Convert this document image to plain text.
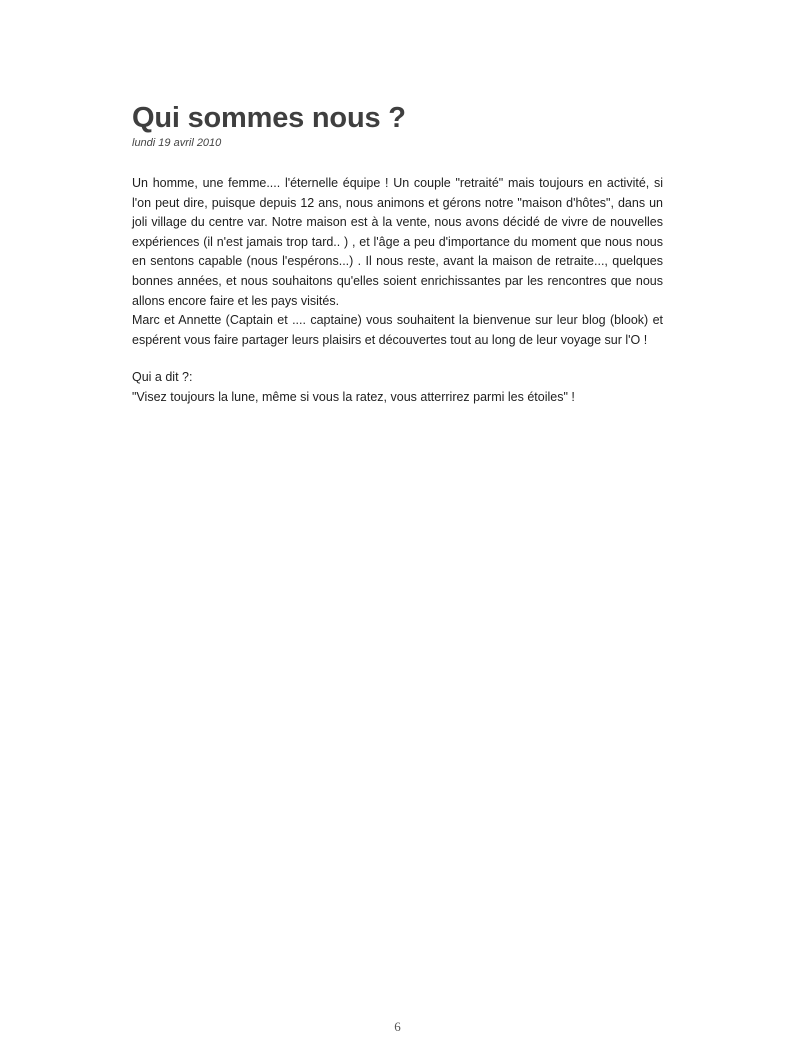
Qui sommes nous ?

lundi 19 avril 2010

Un homme, une femme.... l'éternelle équipe ! Un couple "retraité" mais toujours en activité, si l'on peut dire, puisque depuis 12 ans, nous animons et gérons notre "maison d'hôtes", dans un joli village du centre var. Notre maison est à la vente, nous avons décidé de vivre de nouvelles expériences (il n'est jamais trop tard.. ) , et l'âge a peu d'importance du moment que nous nous en sentons capable (nous l'espérons...) . Il nous reste, avant la maison de retraite..., quelques bonnes années, et nous souhaitons qu'elles soient enrichissantes par les rencontres que nous allons encore faire et les pays visités.

Marc et Annette (Captain et .... captaine) vous souhaitent la bienvenue sur leur blog (blook) et espérent vous faire partager leurs plaisirs et découvertes tout au long de leur voyage sur l'O !

Qui a dit ?:

"Visez toujours la lune, même si vous la ratez, vous atterrirez parmi les étoiles" !

6
